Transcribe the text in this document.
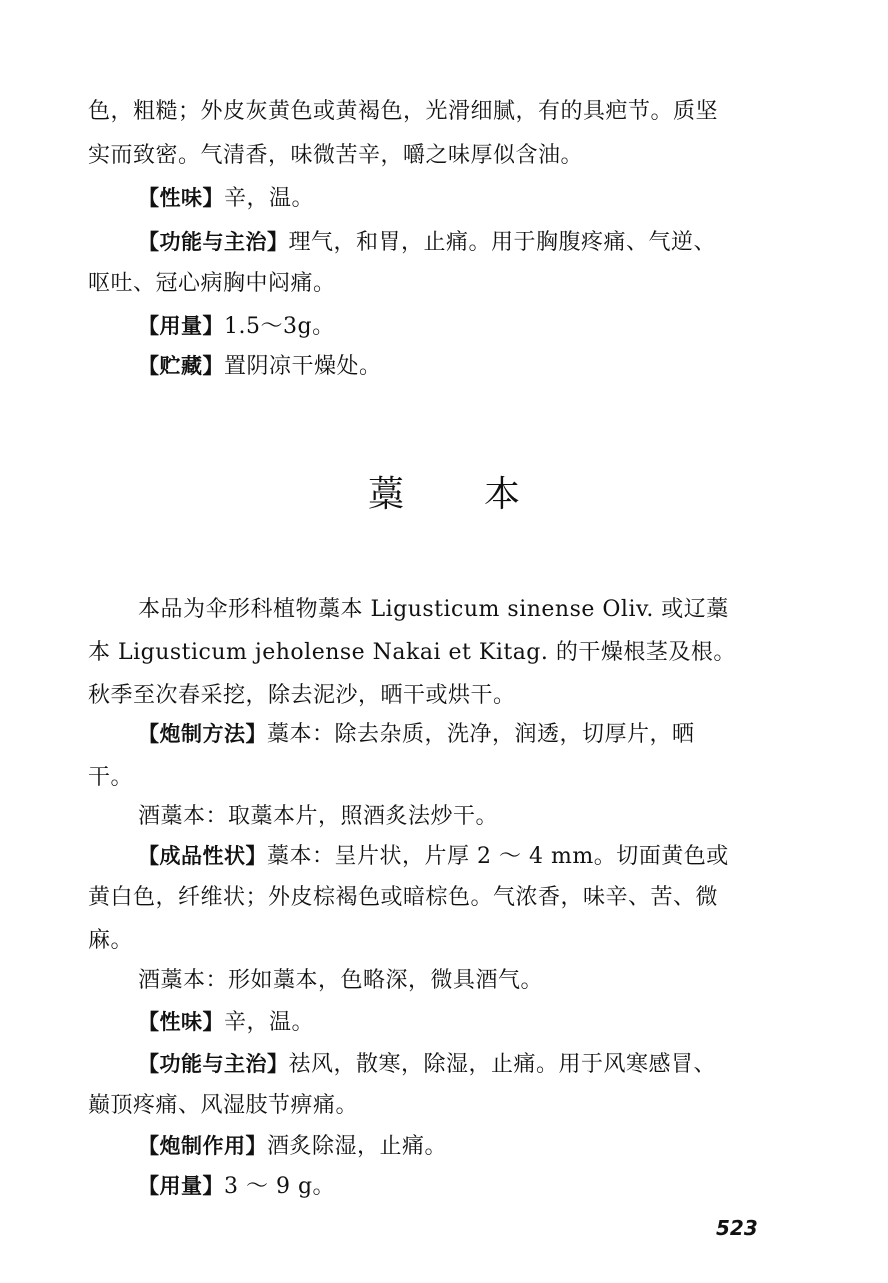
色，粗糙；外皮灰黄色或黄褐色，光滑细腻，有的具疤节。质坚
实而致密。气清香，味微苦辛，嚼之味厚似含油。
【性味】辛，温。
【功能与主治】理气，和胃，止痛。用于胸腹疼痛、气逆、
呕吐、冠心病胸中闷痛。
【用量】1.5～3g。
【贮藏】置阴凉干燥处。
藁本
本品为伞形科植物藁本 Ligusticum sinense Oliv. 或辽藁
本 Ligusticum jeholense Nakai et Kitag. 的干燥根茎及根。
秋季至次春采挖，除去泥沙，晒干或烘干。
【炮制方法】藁本：除去杂质，洗净，润透，切厚片，晒
干。
酒藁本：取藁本片，照酒炙法炒干。
【成品性状】藁本：呈片状，片厚 2 ～ 4 mm。切面黄色或
黄白色，纤维状；外皮棕褐色或暗棕色。气浓香，味辛、苦、微
麻。
酒藁本：形如藁本，色略深，微具酒气。
【性味】辛，温。
【功能与主治】祛风，散寒，除湿，止痛。用于风寒感冒、
巅顶疼痛、风湿肢节痹痛。
【炮制作用】酒炙除湿，止痛。
【用量】3 ～ 9 g。
523
